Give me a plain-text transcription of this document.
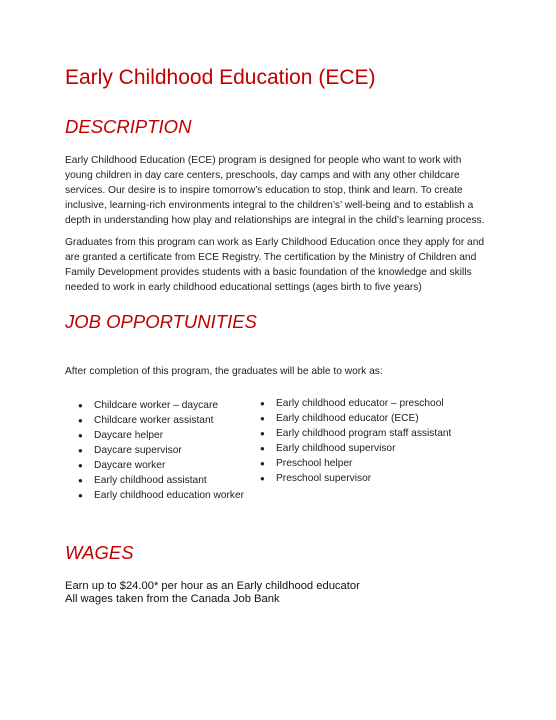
Early Childhood Education (ECE)
DESCRIPTION

Early Childhood Education (ECE) program is designed for people who want to work with young children in day care centers, preschools, day camps and with any other childcare services. Our desire is to inspire tomorrow’s education to stop, think and learn. To create inclusive, learning-rich environments integral to the children’s’ well-being and to establish a depth in understanding how play and relationships are integral in the child’s learning process.

Graduates from this program can work as Early Childhood Education once they apply for and are granted a certificate from ECE Registry. The certification by the Ministry of Children and Family Development provides students with a basic foundation of the knowledge and skills needed to work in early childhood educational settings (ages birth to five years)

JOB OPPORTUNITIES

After completion of this program, the graduates will be able to work as:

● Childcare worker – daycare
● Childcare worker assistant
● Daycare helper
● Daycare supervisor
● Daycare worker
● Early childhood assistant
● Early childhood education worker
● Early childhood educator – preschool
● Early childhood educator (ECE)
● Early childhood program staff assistant
● Early childhood supervisor
● Preschool helper
● Preschool supervisor
WAGES

Earn up to $24.00* per hour as an Early childhood educator

All wages taken from the Canada Job Bank
